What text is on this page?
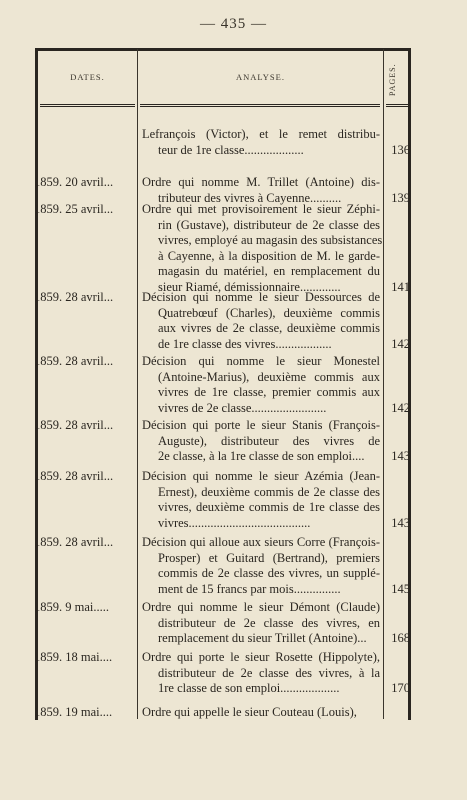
— 435 —
DATES.	ANALYSE.	PAGES.
Lefrançois (Victor), et le remet distribu-
teur de 1re classe...................	136
1859. 20 avril...	Ordre qui nomme M. Trillet (Antoine) dis-
tributeur des vivres à Cayenne..........	139
1859. 25 avril...	Ordre qui met provisoirement le sieur Zéphi-
rin (Gustave), distributeur de 2e classe des
vivres, employé au magasin des subsistances
à Cayenne, à la disposition de M. le garde-
magasin du matériel, en remplacement du
sieur Riamé, démissionnaire.............	141
1859. 28 avril...	Décision qui nomme le sieur Dessources de
Quatrebœuf (Charles), deuxième commis
aux vivres de 2e classe, deuxième commis
de 1re classe des vivres..................	142
1859. 28 avril...	Décision qui nomme le sieur Monestel
(Antoine-Marius), deuxième commis aux
vivres de 1re classe, premier commis aux
vivres de 2e classe........................	142
1859. 28 avril...	Décision qui porte le sieur Stanis (François-
Auguste), distributeur des vivres de
2e classe, à la 1re classe de son emploi....	143
1859. 28 avril...	Décision qui nomme le sieur Azémia (Jean-
Ernest), deuxième commis de 2e classe des
vivres, deuxième commis de 1re classe des
vivres.......................................	143
1859. 28 avril...	Décision qui alloue aux sieurs Corre (François-
Prosper) et Guitard (Bertrand), premiers
commis de 2e classe des vivres, un supplé-
ment de 15 francs par mois...............	145
1859. 9 mai.....	Ordre qui nomme le sieur Démont (Claude)
distributeur de 2e classe des vivres, en
remplacement du sieur Trillet (Antoine)...	168
1859. 18 mai....	Ordre qui porte le sieur Rosette (Hippolyte),
distributeur de 2e classe des vivres, à la
1re classe de son emploi...................	170
1859. 19 mai....	Ordre qui appelle le sieur Couteau (Louis),
